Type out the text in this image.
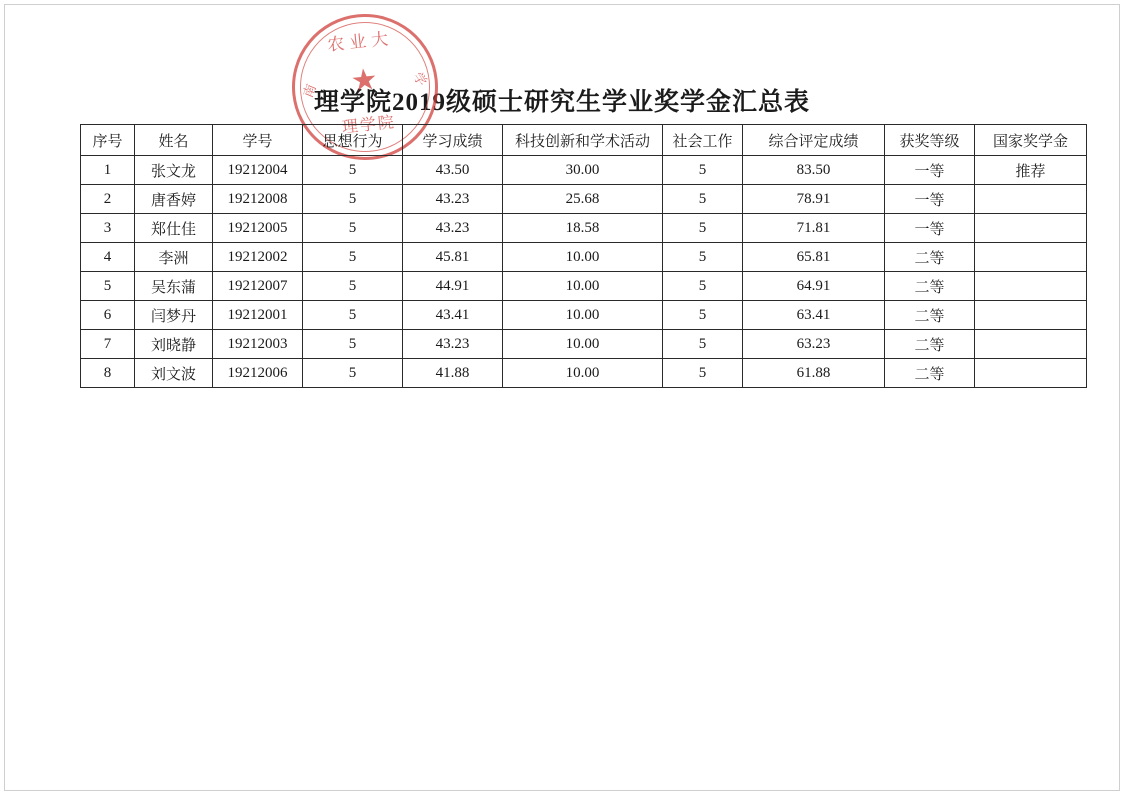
理学院2019级硕士研究生学业奖学金汇总表
农业大
南
学
★
理学院
序号	姓名	学号	思想行为	学习成绩	科技创新和学术活动	社会工作	综合评定成绩	获奖等级	国家奖学金
1	张文龙	19212004	5	43.50	30.00	5	83.50	一等	推荐
2	唐香婷	19212008	5	43.23	25.68	5	78.91	一等	
3	郑仕佳	19212005	5	43.23	18.58	5	71.81	一等	
4	李洲	19212002	5	45.81	10.00	5	65.81	二等	
5	吴东蒲	19212007	5	44.91	10.00	5	64.91	二等	
6	闫梦丹	19212001	5	43.41	10.00	5	63.41	二等	
7	刘晓静	19212003	5	43.23	10.00	5	63.23	二等	
8	刘文波	19212006	5	41.88	10.00	5	61.88	二等	
